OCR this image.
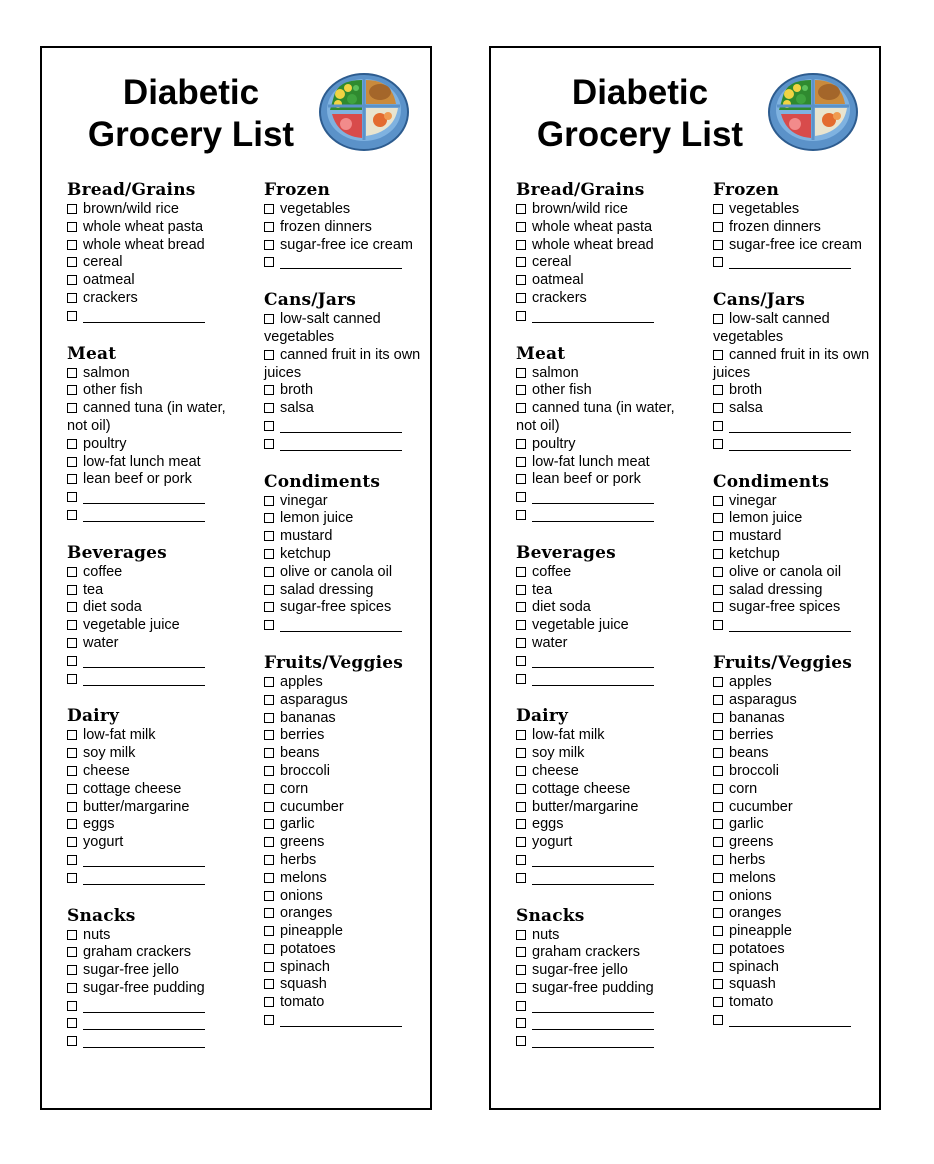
Diabetic
Grocery List
Bread/Grains
brown/wild rice
whole wheat pasta
whole wheat bread
cereal
oatmeal
crackers
Meat
salmon
other fish
canned tuna (in water, not oil)
poultry
low-fat lunch meat
lean beef or pork
Beverages
coffee
tea
diet soda
vegetable juice
water
Dairy
low-fat milk
soy milk
cheese
cottage cheese
butter/margarine
eggs
yogurt
Snacks
nuts
graham crackers
sugar-free jello
sugar-free pudding
Frozen
vegetables
frozen dinners
sugar-free ice cream
Cans/Jars
low-salt canned vegetables
canned fruit in its own juices
broth
salsa
Condiments
vinegar
lemon juice
mustard
ketchup
olive or canola oil
salad dressing
sugar-free spices
Fruits/Veggies
apples
asparagus
bananas
berries
beans
broccoli
corn
cucumber
garlic
greens
herbs
melons
onions
oranges
pineapple
potatoes
spinach
squash
tomato
Diabetic
Grocery List
Bread/Grains
brown/wild rice
whole wheat pasta
whole wheat bread
cereal
oatmeal
crackers
Meat
salmon
other fish
canned tuna (in water, not oil)
poultry
low-fat lunch meat
lean beef or pork
Beverages
coffee
tea
diet soda
vegetable juice
water
Dairy
low-fat milk
soy milk
cheese
cottage cheese
butter/margarine
eggs
yogurt
Snacks
nuts
graham crackers
sugar-free jello
sugar-free pudding
Frozen
vegetables
frozen dinners
sugar-free ice cream
Cans/Jars
low-salt canned vegetables
canned fruit in its own juices
broth
salsa
Condiments
vinegar
lemon juice
mustard
ketchup
olive or canola oil
salad dressing
sugar-free spices
Fruits/Veggies
apples
asparagus
bananas
berries
beans
broccoli
corn
cucumber
garlic
greens
herbs
melons
onions
oranges
pineapple
potatoes
spinach
squash
tomato
